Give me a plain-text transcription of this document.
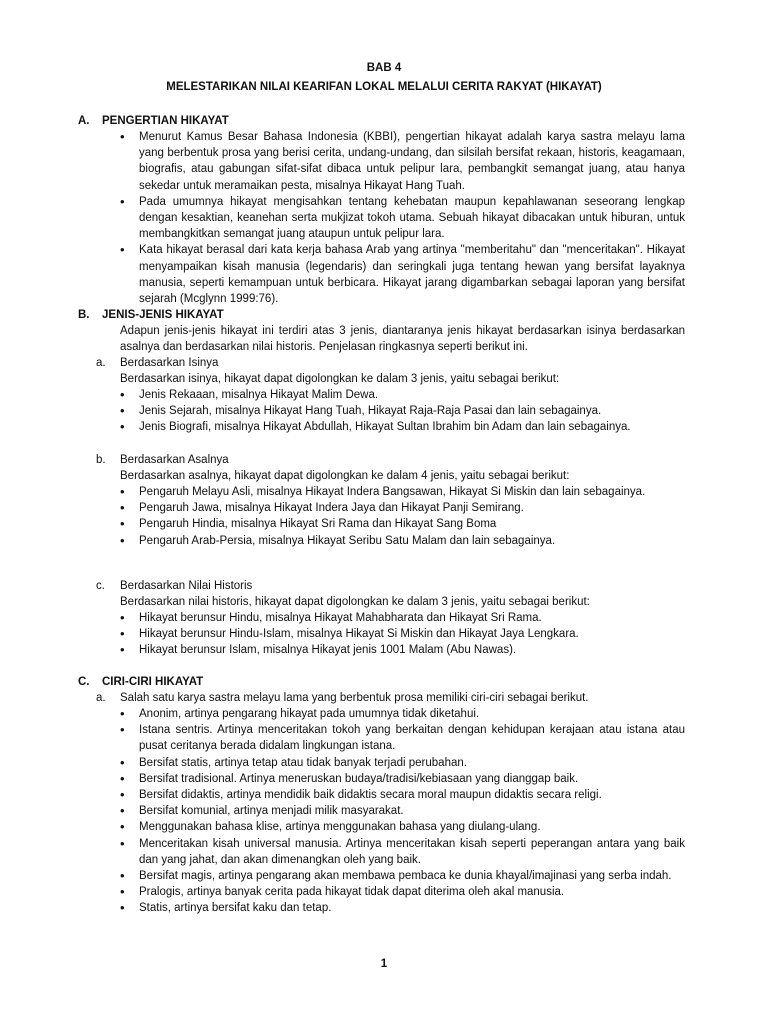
BAB 4
MELESTARIKAN NILAI KEARIFAN LOKAL MELALUI CERITA RAKYAT (HIKAYAT)
A. PENGERTIAN HIKAYAT
• Menurut Kamus Besar Bahasa Indonesia (KBBI), pengertian hikayat adalah karya sastra melayu lama yang berbentuk prosa yang berisi cerita, undang-undang, dan silsilah bersifat rekaan, historis, keagamaan, biografis, atau gabungan sifat-sifat dibaca untuk pelipur lara, pembangkit semangat juang, atau hanya sekedar untuk meramaikan pesta, misalnya Hikayat Hang Tuah.
• Pada umumnya hikayat mengisahkan tentang kehebatan maupun kepahlawanan seseorang lengkap dengan kesaktian, keanehan serta mukjizat tokoh utama. Sebuah hikayat dibacakan untuk hiburan, untuk membangkitkan semangat juang ataupun untuk pelipur lara.
• Kata hikayat berasal dari kata kerja bahasa Arab yang artinya "memberitahu" dan "menceritakan". Hikayat menyampaikan kisah manusia (legendaris) dan seringkali juga tentang hewan yang bersifat layaknya manusia, seperti kemampuan untuk berbicara. Hikayat jarang digambarkan sebagai laporan yang bersifat sejarah (Mcglynn 1999:76).
B. JENIS-JENIS HIKAYAT
Adapun jenis-jenis hikayat ini terdiri atas 3 jenis, diantaranya jenis hikayat berdasarkan isinya berdasarkan asalnya dan berdasarkan nilai historis. Penjelasan ringkasnya seperti berikut ini.
a. Berdasarkan Isinya
Berdasarkan isinya, hikayat dapat digolongkan ke dalam 3 jenis, yaitu sebagai berikut:
• Jenis Rekaaan, misalnya Hikayat Malim Dewa.
• Jenis Sejarah, misalnya Hikayat Hang Tuah, Hikayat Raja-Raja Pasai dan lain sebagainya.
• Jenis Biografi, misalnya Hikayat Abdullah, Hikayat Sultan Ibrahim bin Adam dan lain sebagainya.
b. Berdasarkan Asalnya
Berdasarkan asalnya, hikayat dapat digolongkan ke dalam 4 jenis, yaitu sebagai berikut:
• Pengaruh Melayu Asli, misalnya Hikayat Indera Bangsawan, Hikayat Si Miskin dan lain sebagainya.
• Pengaruh Jawa, misalnya Hikayat Indera Jaya dan Hikayat Panji Semirang.
• Pengaruh Hindia, misalnya Hikayat Sri Rama dan Hikayat Sang Boma
• Pengaruh Arab-Persia, misalnya Hikayat Seribu Satu Malam dan lain sebagainya.
c. Berdasarkan Nilai Historis
Berdasarkan nilai historis, hikayat dapat digolongkan ke dalam 3 jenis, yaitu sebagai berikut:
• Hikayat berunsur Hindu, misalnya Hikayat Mahabharata dan Hikayat Sri Rama.
• Hikayat berunsur Hindu-Islam, misalnya Hikayat Si Miskin dan Hikayat Jaya Lengkara.
• Hikayat berunsur Islam, misalnya Hikayat jenis 1001 Malam (Abu Nawas).
C. CIRI-CIRI HIKAYAT
a. Salah satu karya sastra melayu lama yang berbentuk prosa memiliki ciri-ciri sebagai berikut.
• Anonim, artinya pengarang hikayat pada umumnya tidak diketahui.
• Istana sentris. Artinya menceritakan tokoh yang berkaitan dengan kehidupan kerajaan atau istana atau pusat ceritanya berada didalam lingkungan istana.
• Bersifat statis, artinya tetap atau tidak banyak terjadi perubahan.
• Bersifat tradisional. Artinya meneruskan budaya/tradisi/kebiasaan yang dianggap baik.
• Bersifat didaktis, artinya mendidik baik didaktis secara moral maupun didaktis secara religi.
• Bersifat komunial, artinya menjadi milik masyarakat.
• Menggunakan bahasa klise, artinya menggunakan bahasa yang diulang-ulang.
• Menceritakan kisah universal manusia. Artinya menceritakan kisah seperti peperangan antara yang baik dan yang jahat, dan akan dimenangkan oleh yang baik.
• Bersifat magis, artinya pengarang akan membawa pembaca ke dunia khayal/imajinasi yang serba indah.
• Pralogis, artinya banyak cerita pada hikayat tidak dapat diterima oleh akal manusia.
• Statis, artinya bersifat kaku dan tetap.
1
